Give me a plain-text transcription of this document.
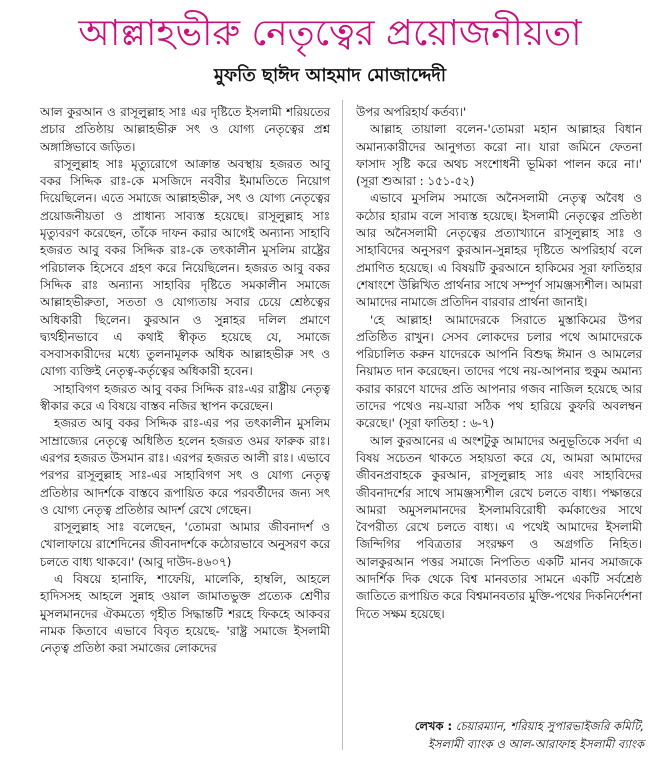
আল্লাহভীরু নেতৃত্বের প্রয়োজনীয়তা
মুফতি ছাঈদ আহমাদ মোজাদ্দেদী

আল কুরআন ও রাসূলুল্লাহ সাঃ এর দৃষ্টিতে ইসলামী শরিয়তের প্রচার প্রতিষ্ঠায় আল্লাহভীরু সৎ ও যোগ্য নেতৃত্বের প্রশ্ন অঙ্গাঙ্গিভাবে জড়িত।

রাসূলুল্লাহ সাঃ মৃত্যুরোগে আক্রান্ত অবস্থায় হজরত আবু বকর সিদ্দিক রাঃ-কে মসজিদে নববীর ইমামতিতে নিয়োগ দিয়েছিলেন। এতে সমাজে আল্লাহভীরু, সৎ ও যোগ্য নেতৃত্বের প্রয়োজনীয়তা ও প্রাধান্য সাব্যস্ত হয়েছে। রাসূলুল্লাহ সাঃ মৃত্যুবরণ করেছেন, তাঁকে দাফন করার আগেই অন্যান্য সাহাবি হজরত আবু বকর সিদ্দিক রাঃ-কে তৎকালীন মুসলিম রাষ্ট্রের পরিচালক হিসেবে গ্রহণ করে নিয়েছিলেন। হজরত আবু বকর সিদ্দিক রাঃ অন্যান্য সাহাবির দৃষ্টিতে সমকালীন সমাজে আল্লাহভীরুতা, সততা ও যোগ্যতায় সবার চেয়ে শ্রেষ্ঠত্বের অধিকারী ছিলেন। কুরআন ও সুন্নাহর দলিল প্রমাণে দ্ব্যর্থহীনভাবে এ কথাই স্বীকৃত হয়েছে যে, সমাজে বসবাসকারীদের মধ্যে তুলনামূলক অধিক আল্লাহভীরু সৎ ও যোগ্য ব্যক্তিই নেতৃত্ব-কর্তৃত্বের অধিকারী হবেন।

সাহাবিগণ হজরত আবু বকর সিদ্দিক রাঃ-এর রাষ্ট্রীয় নেতৃত্ব স্বীকার করে এ বিষয়ে বাস্তব নজির স্থাপন করেছেন।

হজরত আবু বকর সিদ্দিক রাঃ-এর পর তৎকালীন মুসলিম সাম্রাজ্যের নেতৃত্বে অধিষ্ঠিত হলেন হজরত ওমর ফারুক রাঃ। এরপর হজরত উসমান রাঃ। এরপর হজরত আলী রাঃ। এভাবে পরপর রাসূলুল্লাহ সাঃ-এর সাহাবিগণ সৎ ও যোগ্য নেতৃত্ব প্রতিষ্ঠার আদর্শকে বাস্তবে রূপায়িত করে পরবর্তীদের জন্য সৎ ও যোগ্য নেতৃত্ব প্রতিষ্ঠার আদর্শ রেখে গেছেন।

রাসূলুল্লাহ সাঃ বলেছেন, 'তোমরা আমার জীবনাদর্শ ও খোলাফায়ে রাশেদিনের জীবনাদর্শকে কঠোরভাবে অনুসরণ করে চলতে বাধ্য থাকবে।' (আবু দাউদ-৪৬০৭)

এ বিষয়ে হানাফি, শাফেয়ি, মালেকি, হাম্বলি, আহলে হাদিসসহ আহলে সুন্নাহ ওয়াল জামাতভুক্ত প্রত্যেক শ্রেণীর মুসলমানদের ঐকমত্যে গৃহীত সিদ্ধান্তটি শরহে ফিকহে আকবর নামক কিতাবে এভাবে বিবৃত হয়েছে- 'রাষ্ট্র সমাজে ইসলামী নেতৃত্ব প্রতিষ্ঠা করা সমাজের লোকদের

উপর অপরিহার্য কর্তব্য।'

আল্লাহ তায়ালা বলেন-'তোমরা মহান আল্লাহর বিধান অমান্যকারীদের আনুগত্য করো না। যারা জমিনে ফেতনা ফাসাদ সৃষ্টি করে অথচ সংশোধনী ভূমিকা পালন করে না।' (সূরা শুআরা : ১৫১-৫২)

এভাবে মুসলিম সমাজে অনৈসলামী নেতৃত্ব অবৈধ ও কঠোর হারাম বলে সাব্যস্ত হয়েছে। ইসলামী নেতৃত্বের প্রতিষ্ঠা আর অনৈসলামী নেতৃত্বের প্রত্যাখ্যানে রাসূলুল্লাহ সাঃ ও সাহাবিদের অনুসরণ কুরআন-সুন্নাহর দৃষ্টিতে অপরিহার্য বলে প্রমাণিত হয়েছে। এ বিষয়টি কুরআনে হাকিমের সূরা ফাতিহার শেষাংশে উল্লিখিত প্রার্থনার সাথে সম্পূর্ণ সামঞ্জস্যশীল। আমরা আমাদের নামাজে প্রতিদিন বারবার প্রার্থনা জানাই।

'হে আল্লাহ! আমাদেরকে সিরাতে মুস্তাকিমের উপর প্রতিষ্ঠিত রাখুন। সেসব লোকদের চলার পথে আমাদেরকে পরিচালিত করুন যাদেরকে আপনি বিশুদ্ধ ঈমান ও আমলের নিয়ামত দান করেছেন। তাদের পথে নয়-আপনার হুকুম অমান্য করার কারণে যাদের প্রতি আপনার গজব নাজিল হয়েছে আর তাদের পথেও নয়-যারা সঠিক পথ হারিয়ে কুফরি অবলম্বন করেছে।' (সূরা ফাতিহা : ৬-৭)

আল কুরআনের এ অংশটুকু আমাদের অনুভূতিকে সর্বদা এ বিষয় সচেতন থাকতে সহায়তা করে যে, আমরা আমাদের জীবনপ্রবাহকে কুরআন, রাসূলুল্লাহ সাঃ এবং সাহাবিদের জীবনাদর্শের সাথে সামঞ্জস্যশীল রেখে চলতে বাধ্য। পক্ষান্তরে আমরা অমুসলমানদের ইসলামবিরোধী কর্মকাণ্ডের সাথে বৈপরীত্য রেখে চলতে বাধ্য। এ পথেই আমাদের ইসলামী জিন্দিগির পবিত্রতার সংরক্ষণ ও অগ্রগতি নিহিত। আলকুরআন পত্তর সমাজে নিপতিত একটি মানব সমাজকে আদর্শিক দিক থেকে বিশ্ব মানবতার সামনে একটি সর্বশ্রেষ্ঠ জাতিতে রূপায়িত করে বিশ্বমানবতার মুক্তি-পথের দিকনির্দেশনা দিতে সক্ষম হয়েছে।

লেখক : চেয়ারম্যান, শরিয়াহ সুপারভাইজরি কমিটি,
ইসলামী ব্যাংক ও আল-আরাফাহ ইসলামী ব্যাংক
